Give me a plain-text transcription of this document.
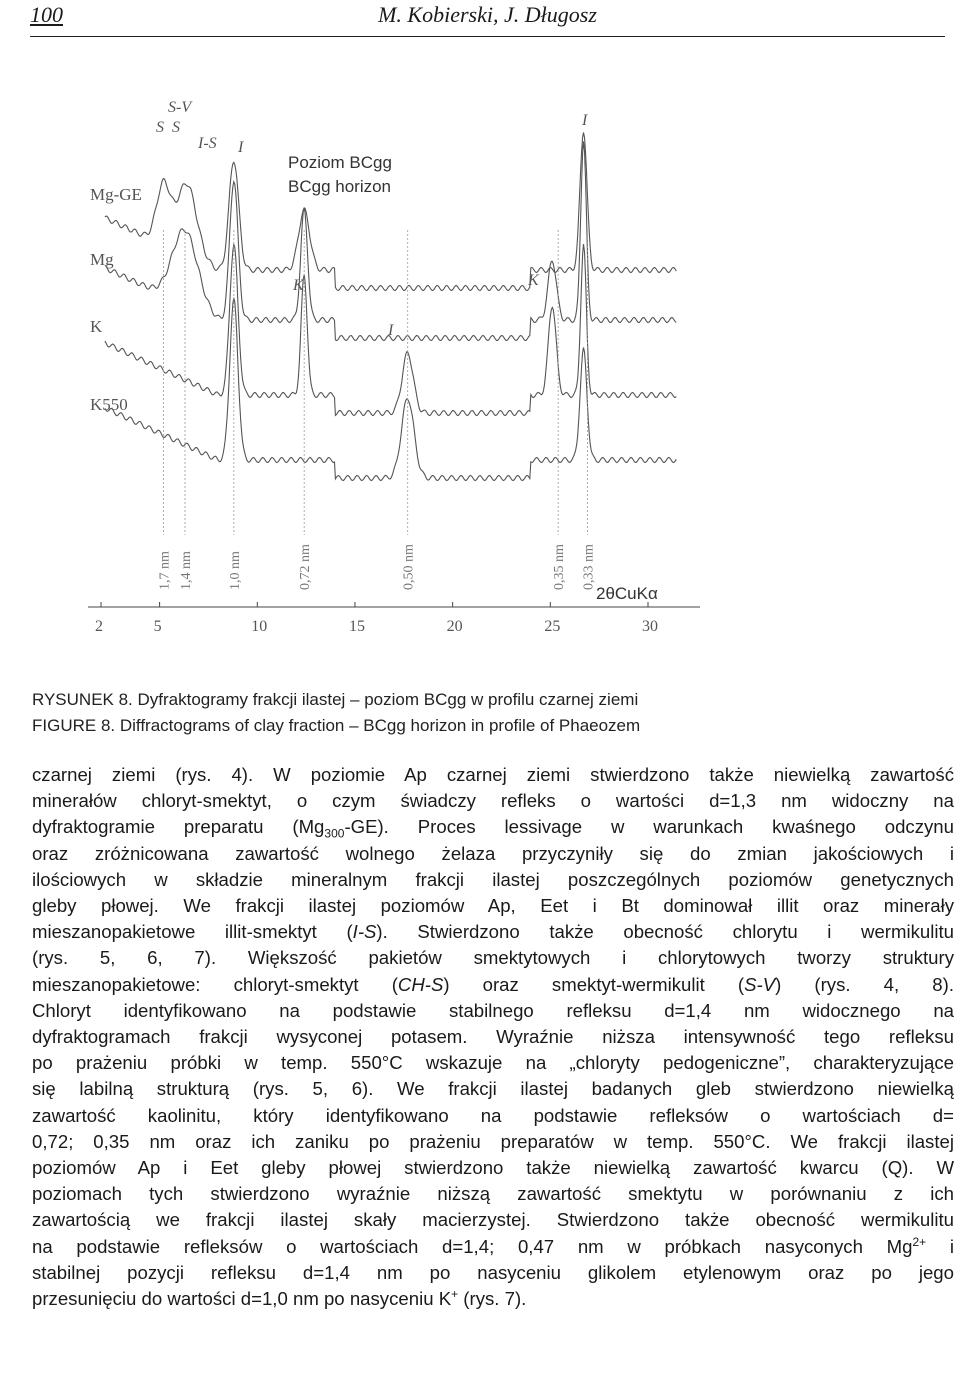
100	M. Kobierski, J. Długosz
1,7 nm 1,4 nm 1,0 nm	0,72 nm	0,50 nm	0,35 nm 0,33 nm
Mg-GE
Mg
K
K550
S-V
S S
I-S I
K
I
I
K
2	5	10	15	20	25	30
Poziom BCgg
BCgg horizon
2θCuKα
RYSUNEK 8. Dyfraktogramy frakcji ilastej – poziom BCgg w profilu czarnej ziemi
FIGURE 8. Diffractograms of clay fraction – BCgg horizon in profile of Phaeozem

czarnej ziemi (rys. 4). W poziomie Ap czarnej ziemi stwierdzono także niewielką zawartość
minerałów chloryt-smektyt, o czym świadczy refleks o wartości d=1,3 nm widoczny na
dyfraktogramie preparatu $(Mg_{300}-GE)$. Proces lessivage w warunkach kwaśnego odczynu
oraz zróżnicowana zawartość wolnego żelaza przyczyniły się do zmian jakościowych i
ilościowych w składzie mineralnym frakcji ilastej poszczególnych poziomów genetycznych
gleby płowej. We frakcji ilastej poziomów Ap, Eet i Bt dominował illit oraz minerały
mieszanopakietowe illit-smektyt (I-S). Stwierdzono także obecność chlorytu i wermikulitu
(rys. 5, 6, 7). Większość pakietów smektytowych i chlorytowych tworzy struktury
mieszanopakietowe: chloryt-smektyt (CH-S) oraz smektyt-wermikulit (S-V) (rys. 4, 8).
Chloryt identyfikowano na podstawie stabilnego refleksu d=1,4 nm widocznego na
dyfraktogramach frakcji wysyconej potasem. Wyraźnie niższa intensywność tego refleksu
po prażeniu próbki w temp. 550°C wskazuje na „chloryty pedogeniczne”, charakteryzujące
się labilną strukturą (rys. 5, 6). We frakcji ilastej badanych gleb stwierdzono niewielką
zawartość kaolinitu, który identyfikowano na podstawie refleksów o wartościach d=
0,72; 0,35 nm oraz ich zaniku po prażeniu preparatów w temp. 550°C. We frakcji ilastej
poziomów Ap i Eet gleby płowej stwierdzono także niewielką zawartość kwarcu (Q). W
poziomach tych stwierdzono wyraźnie niższą zawartość smektytu w porównaniu z ich
zawartością we frakcji ilastej skały macierzystej. Stwierdzono także obecność wermikulitu
na podstawie refleksów o wartościach d=1,4; 0,47 nm w próbkach nasyconych $Mg^{2+}$ i
stabilnej pozycji refleksu d=1,4 nm po nasyceniu glikolem etylenowym oraz po jego
przesunięciu do wartości d=1,0 nm po nasyceniu K+ (rys. 7).
